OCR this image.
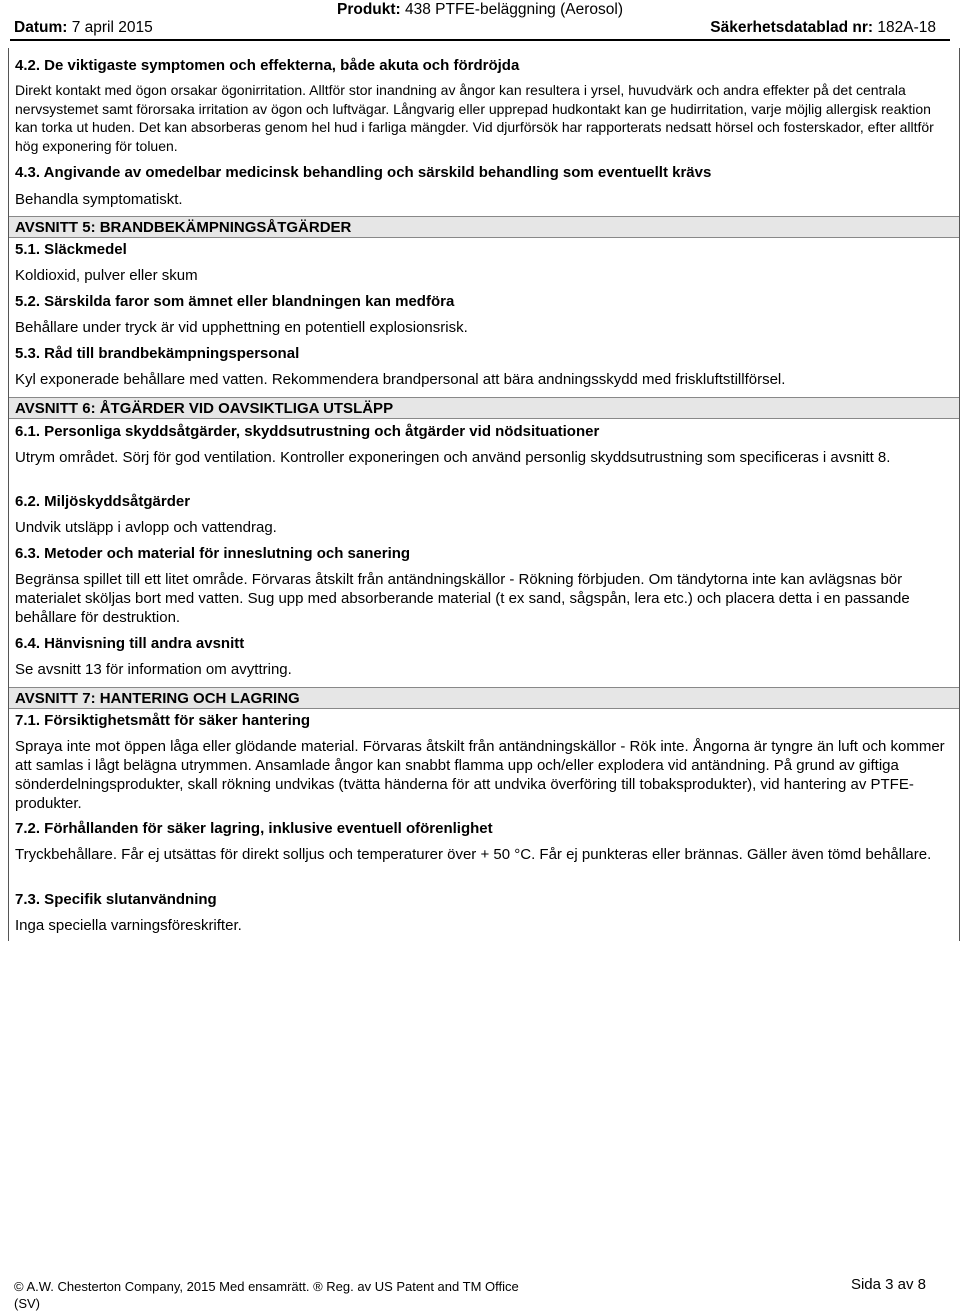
Produkt: 438 PTFE-beläggning (Aerosol)
Datum: 7 april 2015	Säkerhetsdatablad nr: 182A-18
4.2. De viktigaste symptomen och effekterna, både akuta och fördröjda
Direkt kontakt med ögon orsakar ögonirritation. Alltför stor inandning av ångor kan resultera i yrsel, huvudvärk och andra effekter på det centrala nervsystemet samt förorsaka irritation av ögon och luftvägar. Långvarig eller upprepad hudkontakt kan ge hudirritation, varje möjlig allergisk reaktion kan torka ut huden. Det kan absorberas genom hel hud i farliga mängder. Vid djurförsök har rapporterats nedsatt hörsel och fosterskador, efter alltför hög exponering för toluen.
4.3. Angivande av omedelbar medicinsk behandling och särskild behandling som eventuellt krävs
Behandla symptomatiskt.
AVSNITT 5: BRANDBEKÄMPNINGSÅTGÄRDER
5.1. Släckmedel
Koldioxid, pulver eller skum
5.2. Särskilda faror som ämnet eller blandningen kan medföra
Behållare under tryck är vid upphettning en potentiell explosionsrisk.
5.3. Råd till brandbekämpningspersonal
Kyl exponerade behållare med vatten. Rekommendera brandpersonal att bära andningsskydd med friskluftstillförsel.
AVSNITT 6: ÅTGÄRDER VID OAVSIKTLIGA UTSLÄPP
6.1. Personliga skyddsåtgärder, skyddsutrustning och åtgärder vid nödsituationer
Utrym området. Sörj för god ventilation. Kontroller exponeringen och använd personlig skyddsutrustning som specificeras i avsnitt 8.
6.2. Miljöskyddsåtgärder
Undvik utsläpp i avlopp och vattendrag.
6.3. Metoder och material för inneslutning och sanering
Begränsa spillet till ett litet område. Förvaras åtskilt från antändningskällor - Rökning förbjuden. Om tändytorna inte kan avlägsnas bör materialet sköljas bort med vatten. Sug upp med absorberande material (t ex sand, sågspån, lera etc.) och placera detta i en passande behållare för destruktion.
6.4. Hänvisning till andra avsnitt
Se avsnitt 13 för information om avyttring.
AVSNITT 7: HANTERING OCH LAGRING
7.1. Försiktighetsmått för säker hantering
Spraya inte mot öppen låga eller glödande material. Förvaras åtskilt från antändningskällor - Rök inte. Ångorna är tyngre än luft och kommer att samlas i lågt belägna utrymmen. Ansamlade ångor kan snabbt flamma upp och/eller explodera vid antändning. På grund av giftiga sönderdelningsprodukter, skall rökning undvikas (tvätta händerna för att undvika överföring till tobaksprodukter), vid hantering av PTFE-produkter.
7.2. Förhållanden för säker lagring, inklusive eventuell oförenlighet
Tryckbehållare. Får ej utsättas för direkt solljus och temperaturer över + 50 °C. Får ej punkteras eller brännas. Gäller även tömd behållare.
7.3. Specifik slutanvändning
Inga speciella varningsföreskrifter.
© A.W. Chesterton Company, 2015 Med ensamrätt. ® Reg. av US Patent and TM Office
(SV)
Sida 3 av 8
